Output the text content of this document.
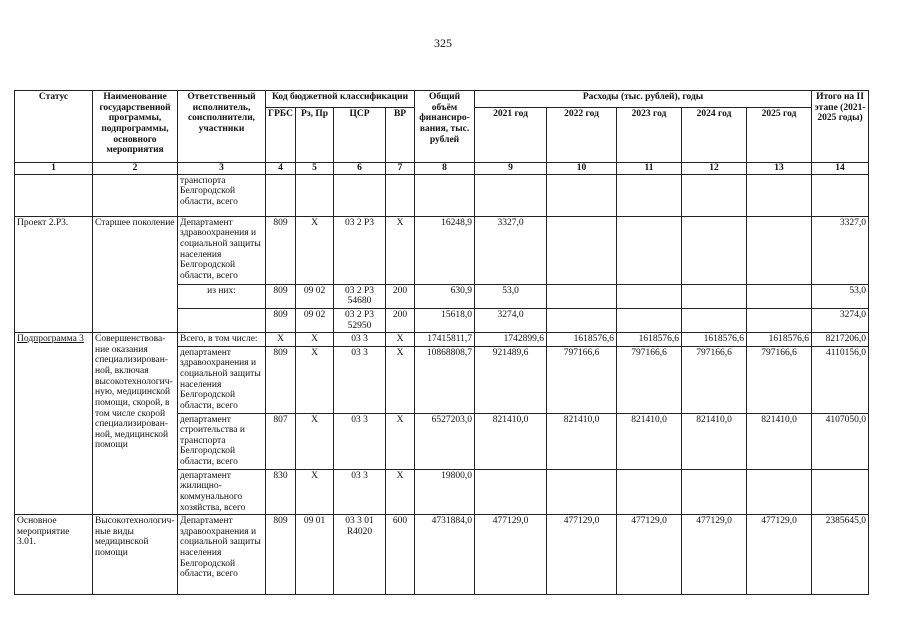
325
Статус	Наименование государственной программы, подпрограммы, основного мероприятия	Ответственный исполнитель, соисполнители, участники	Код бюджетной классификации				Общий объём финансиро-вания, тыс. рублей	Расходы (тыс. рублей), годы					Итого на II этапе (2021-2025 годы)
			ГРБС	Рз, Пр	ЦСР	ВР		2021 год	2022 год	2023 год	2024 год	2025 год	
1	2	3	4	5	6	7	8	9	10	11	12	13	14
		транспорта Белгородской области, всего											
Проект 2.Р3.	Старшее поколение	Департамент здравоохранения и социальной защиты населения Белгородской области, всего	809	Х	03 2 Р3	Х	16248,9	3327,0					3327,0
		из них:	809	09 02	03 2 Р3 54680	200	630,9	53,0					53,0
			809	09 02	03 2 Р3 52950	200	15618,0	3274,0					3274,0
Подпрограмма 3	Совершенствова-ние оказания специализирован-ной, включая высокотехнологич-ную, медицинской помощи, скорой, в том числе скорой специализирован-ной, медицинской помощи	Всего, в том числе:	Х	Х	03 3	Х	17415811,7	1742899,6	1618576,6	1618576,6	1618576,6	1618576,6	8217206,0
		департамент здравоохранения и социальной защиты населения Белгородской области, всего	809	Х	03 3	Х	10868808,7	921489,6	797166,6	797166,6	797166,6	797166,6	4110156,0
		департамент строительства и транспорта Белгородской области, всего	807	Х	03 3	Х	6527203,0	821410,0	821410,0	821410,0	821410,0	821410,0	4107050,0
		департамент жилищно-коммунального хозяйства, всего	830	Х	03 3	Х	19800,0						
Основное мероприятие 3.01.	Высокотехнологич-ные виды медицинской помощи	Департамент здравоохранения и социальной защиты населения Белгородской области, всего	809	09 01	03 3 01 R4020	600	4731884,0	477129,0	477129,0	477129,0	477129,0	477129,0	2385645,0
